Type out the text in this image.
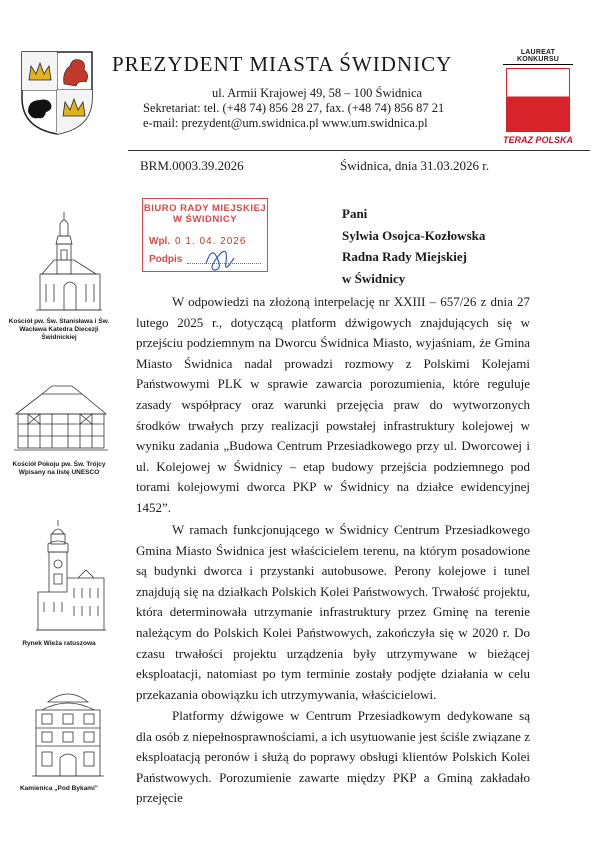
PREZYDENT MIASTA ŚWIDNICY
ul. Armii Krajowej 49, 58 – 100 Świdnica
Sekretariat: tel. (+48 74) 856 28 27, fax. (+48 74) 856 87 21
e-mail: prezydent@um.swidnica.pl www.um.swidnica.pl
LAUREAT KONKURSU
TERAZ POLSKA
BRM.0003.39.2026	Świdnica, dnia 31.03.2026 r.
BIURO RADY MIEJSKIEJ
W ŚWIDNICY
Wpl. 0 1. 04. 2026
Podpis
Pani
Sylwia Osojca-Kozłowska
Radna Rady Miejskiej
w Świdnicy
Kościół pw. Św. Stanisława i Św. Wacława Katedra Diecezji Świdnickiej
Kościół Pokoju pw. Św. Trójcy Wpisany na listę UNESCO
Rynek Wieża ratuszowa
Kamienica „Pod Bykami”
W odpowiedzi na złożoną interpelację nr XXIII – 657/26 z dnia 27 lutego 2025 r., dotyczącą platform dźwigowych znajdujących się w przejściu podziemnym na Dworcu Świdnica Miasto, wyjaśniam, że Gmina Miasto Świdnica nadal prowadzi rozmowy z Polskimi Kolejami Państwowymi PLK w sprawie zawarcia porozumienia, które reguluje zasady współpracy oraz warunki przejęcia praw do wytworzonych środków trwałych przy realizacji powstałej infrastruktury kolejowej w wyniku zadania „Budowa Centrum Przesiadkowego przy ul. Dworcowej i ul. Kolejowej w Świdnicy – etap budowy przejścia podziemnego pod torami kolejowymi dworca PKP w Świdnicy na działce ewidencyjnej 1452”.
W ramach funkcjonującego w Świdnicy Centrum Przesiadkowego Gmina Miasto Świdnica jest właścicielem terenu, na którym posadowione są budynki dworca i przystanki autobusowe. Perony kolejowe i tunel znajdują się na działkach Polskich Kolei Państwowych. Trwałość projektu, która determinowała utrzymanie infrastruktury przez Gminę na terenie należącym do Polskich Kolei Państwowych, zakończyła się w 2020 r. Do czasu trwałości projektu urządzenia były utrzymywane w bieżącej eksploatacji, natomiast po tym terminie zostały podjęte działania w celu przekazania obowiązku ich utrzymywania, właścicielowi.
Platformy dźwigowe w Centrum Przesiadkowym dedykowane są dla osób z niepełnosprawnościami, a ich usytuowanie jest ściśle związane z eksploatacją peronów i służą do poprawy obsługi klientów Polskich Kolei Państwowych. Porozumienie zawarte między PKP a Gminą zakładało przejęcie
